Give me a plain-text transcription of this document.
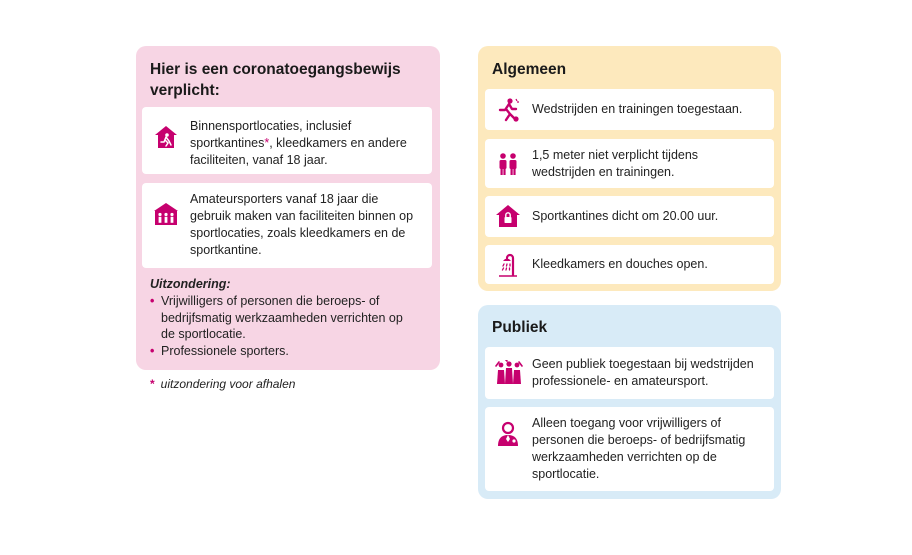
Hier is een coronatoegangsbewijs
verplicht:
Binnensportlocaties, inclusief
sportkantines*, kleedkamers en andere
faciliteiten, vanaf 18 jaar.
Amateursporters vanaf 18 jaar die
gebruik maken van faciliteiten binnen op
sportlocaties, zoals kleedkamers en de
sportkantine.
Uitzondering:
• Vrijwilligers of personen die beroeps- of
bedrijfsmatig werkzaamheden verrichten op
de sportlocatie.
• Professionele sporters.
* uitzondering voor afhalen
Algemeen
Wedstrijden en trainingen toegestaan.
1,5 meter niet verplicht tijdens
wedstrijden en trainingen.
Sportkantines dicht om 20.00 uur.
Kleedkamers en douches open.
Publiek
Geen publiek toegestaan bij wedstrijden
professionele- en amateursport.
Alleen toegang voor vrijwilligers of
personen die beroeps- of bedrijfsmatig
werkzaamheden verrichten op de
sportlocatie.
